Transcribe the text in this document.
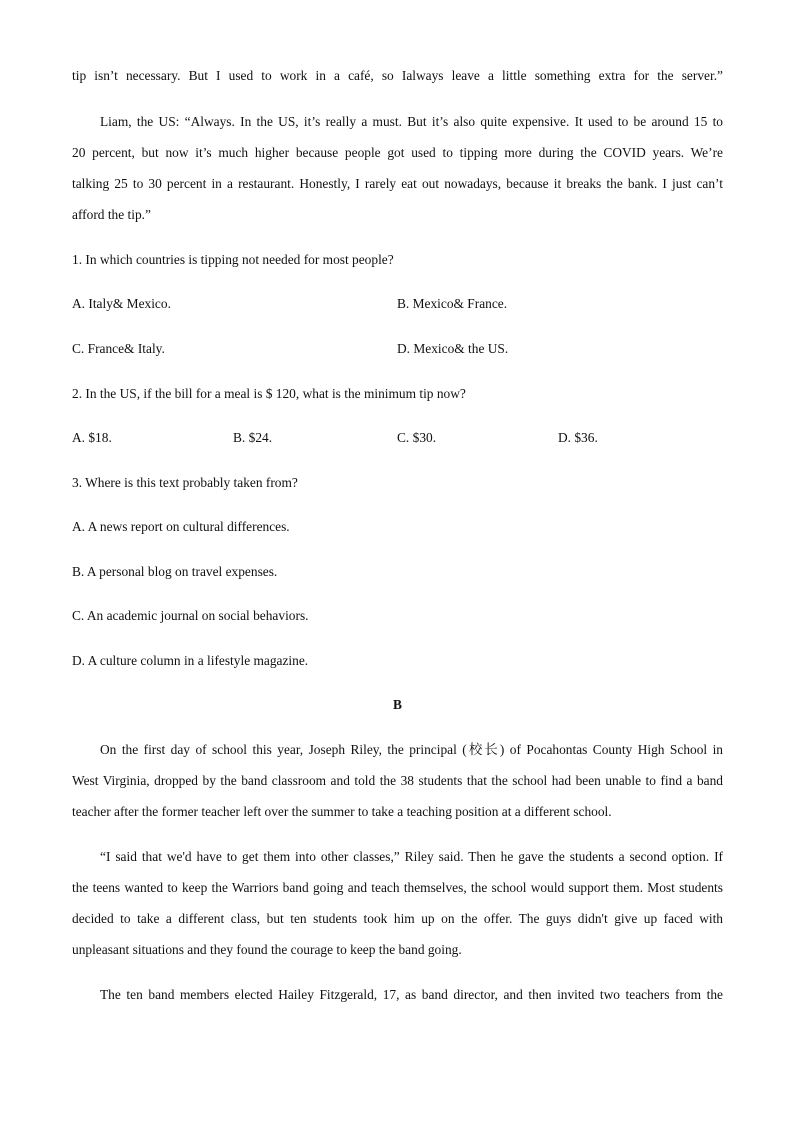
tip isn’t necessary. But I used to work in a café, so Ialways leave a little something extra for the server.”
Liam, the US: “Always. In the US, it’s really a must. But it’s also quite expensive. It used to be around 15 to
20 percent, but now it’s much higher because people got used to tipping more during the COVID years. We’re
talking 25 to 30 percent in a restaurant. Honestly, I rarely eat out nowadays, because it breaks the bank. I just can’t
afford the tip.”
1. In which countries is tipping not needed for most people?
A. Italy& Mexico.	B. Mexico& France.
C. France& Italy.	D. Mexico& the US.
2. In the US, if the bill for a meal is $ 120, what is the minimum tip now?
A. $18.	B. $24.	C. $30.	D. $36.
3. Where is this text probably taken from?
A. A news report on cultural differences.
B. A personal blog on travel expenses.
C. An academic journal on social behaviors.
D. A culture column in a lifestyle magazine.
B
On the first day of school this year, Joseph Riley, the principal (校长) of Pocahontas County High School in
West Virginia, dropped by the band classroom and told the 38 students that the school had been unable to find a band
teacher after the former teacher left over the summer to take a teaching position at a different school.
“I said that we'd have to get them into other classes,” Riley said. Then he gave the students a second option. If
the teens wanted to keep the Warriors band going and teach themselves, the school would support them. Most students
decided to take a different class, but ten students took him up on the offer. The guys didn't give up faced with
unpleasant situations and they found the courage to keep the band going.
The ten band members elected Hailey Fitzgerald, 17, as band director, and then invited two teachers from the
